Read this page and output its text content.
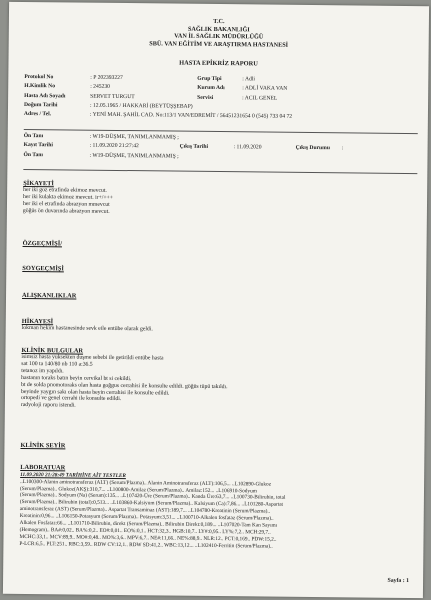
T.C.
SAĞLIK BAKANLIĞI
VAN İL SAĞLIK MÜDÜRLÜĞÜ
SBÜ. VAN EĞİTİM VE ARAŞTIRMA HASTANESİ
HASTA EPİKRİZ RAPORU
Protokol No	: P 202393227	Grup Tipi	: Adli
H.Kimlik No	: 245230	Kurum Adı	: ADLİ VAKA VAN
Hasta Adı Soyadı	SERVET TURGUT	Servisi	: ACIL GENEL
Doğum Tarihi	: 12.05.1965 / HAKKARİ (BEYTÜŞŞEBAP)
Adres / Tel.	: YENİ MAH. ŞAHİL CAD. No:113/1 VAN/EDREMİT / 56451231654 0 (545) 733 04 72
Ön Tanı	: W19-DÜŞME, TANIMLANMAMIŞ ;
Kayıt Tarihi	: 11.09.2020 21:27:42	Çıkış Tarihi	: 11.09.2020	Çıkış Durumu :
Ön Tanı	: W19-DÜŞME, TANIMLANMAMIŞ ;
ŞİKAYETİ
her iki goz etrafinda ekimoz mevcut.
her iki kulakta ekimoz mevcut. ir+/+++
her iki el etrafinda abrazyon mmevcut
göğüs ön duvarında abrazyon mevcut.
ÖZGEÇMİŞİ/
SOYGEÇMİŞİ
ALIŞKANLIKLAR
HİKAYESİ
lokman hekim hastanesinde sevk eile entübe olarak geldi.
KLİNİK BULGULAR
isimsiz hasta yuksekten duşme sebebi ile getirildi entübe hasta
sat 100 ta 140/80 nb 110 a:36.5
tetanoz im yapıldı.
hastanın toraks batın beyin cervikal bt si cekildi.
bt de solda pnomotoraks olan hasta goğgus cerrahisi ile konsulte edildi. göğüs tüpü takıldı.
beyinde yaygın sakı olan hasta beyin cerrahisi ile konsulte edildi.
ortopedi ve genel cerrahi ile konsulte edildi.
radyoloji raporu istendi.
KLİNİK SEYİR
LABORATUAR
11.09.2020 21:28:49 TARİHİNE AİT TESTLER
..L100300-Alanin aminotransferaz (ALT) (Serum/Plazma).. Alanin Aminotransferaz (ALT):106,5... ..L102890-Glukoz
(Serum/Plazma).. Glukoz(AKŞ):310,7... ..L100800-Amilaz (Serum/Plazma).. Amilaz:152... ..L106910-Sodyum
(Serum/Plazma).. Sodyum (Na) (Serum):135... ..L107420-Üre (Serum/Plazma).. Kanda Üre:63,7... ..L100730-Bilirubin, total
(Serum/Plazma).. Bilirubin (total):0,513... ..L103860-Kalsiyum (Serum/Plazma).. Kalsiyum (Ca):7,86... ..L101280-Aspartat
aminotransferaz (AST) (Serum/Plazma).. Aspartat Transaminaz (AST):189,7... ..L104780-Kreatinin (Serum/Plazma)..
Kreatinin:0,96... ..L106150-Potasyum (Serum/Plazma).. Potasyum:3,51... ..L100710-Alkalen fosfataz (Serum/Plazma)..
Alkalen Fosfataz:66... ..L101710-Bilirubin, direkt (Serum/Plazma).. Bilirubin Direkt:0,189... ..L107020-Tam Kan Sayımı
(Hemogram).. BA#:0,02.. BA%:0,2.. EO#:0,01.. EO%:0,1.. HCT:32,3.. HGB:10,7.. LY#:0,95.. LY%:7,2.. MCH:29,7..
MCHC:33,1.. MCV:89,9.. MO#:0,48.. MO%:3,6.. MPV:6,7.. NE#:11,66.. NE%:88,9.. NLR:12.. PCT:0,169.. PDW:15,2..
P-LCR:6,5.. PLT:251.. RBC:3,59.. RDW CV:12,1.. RDW SD:41,2.. WBC:13,12... ..L102410-Ferritin (Serum/Plazma)..
Sayfa : 1
